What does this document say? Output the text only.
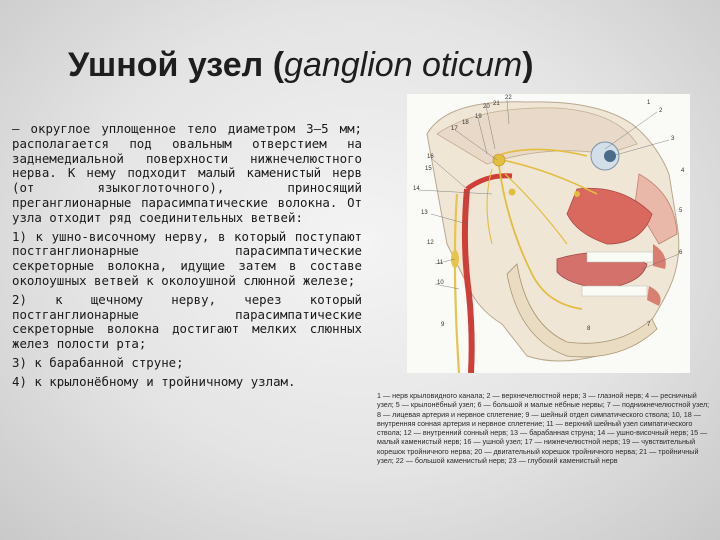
Ушной узел (ganglion oticum)

— округлое уплощенное тело диаметром 3—5 мм; располагается под овальным отверстием на заднемедиальной поверхности нижнечелюстного нерва. К нему подходит малый каменистый нерв (от языкоглоточного), приносящий преганглионарные парасимпатические волокна. От узла отходит ряд соединительных ветвей:

1) к ушно-височному нерву, в который поступают постганглионарные парасимпатические секреторные волокна, идущие затем в составе околоушных ветвей к околоушной слюнной железе;

2) к щечному нерву, через который постганглионарные парасимпатические секреторные волокна достигают мелких слюнных желез полости рта;

3) к барабанной струне;

4) к крылонёбному и тройничному узлам.

22
21
20
19
18
17
16
15
14
13
12
11
10
9
8
7
6
5
4
3
2
1
1 — нерв крыловидного канала; 2 — верхнечелюстной нерв; 3 — глазной нерв; 4 — ресничный узел; 5 — крылонёбный узел; 6 — большой и малые нёбные нервы; 7 — поднижнечелюстной узел; 8 — лицевая артерия и нервное сплетение; 9 — шейный отдел симпатического ствола; 10, 18 — внутренняя сонная артерия и нервное сплетение; 11 — верхний шейный узел симпатического ствола; 12 — внутренний сонный нерв; 13 — барабанная струна; 14 — ушно-височный нерв; 15 — малый каменистый нерв; 16 — ушной узел; 17 — нижнечелюстной нерв; 19 — чувствительный корешок тройничного нерва; 20 — двигательный корешок тройничного нерва; 21 — тройничный узел; 22 — большой каменистый нерв; 23 — глубокий каменистый нерв
